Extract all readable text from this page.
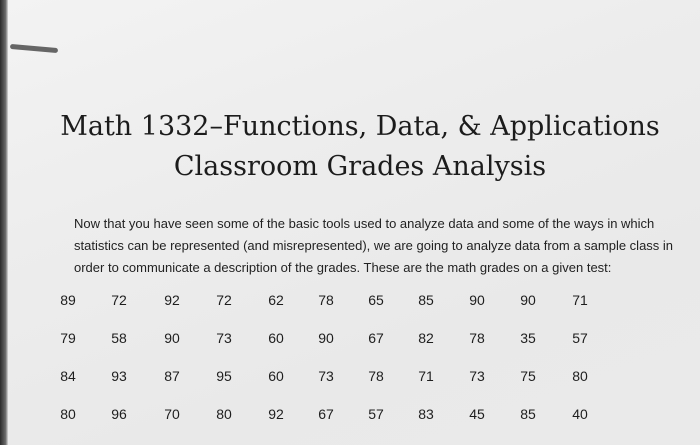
Math 1332–Functions, Data, & Applications
Classroom Grades Analysis
Now that you have seen some of the basic tools used to analyze data and some of the ways in which
statistics can be represented (and misrepresented), we are going to analyze data from a sample class in
order to communicate a description of the grades. These are the math grades on a given test:
89	72	92	72	62	78	65	85	90	90	71
79	58	90	73	60	90	67	82	78	35	57
84	93	87	95	60	73	78	71	73	75	80
80	96	70	80	92	67	57	83	45	85	40
